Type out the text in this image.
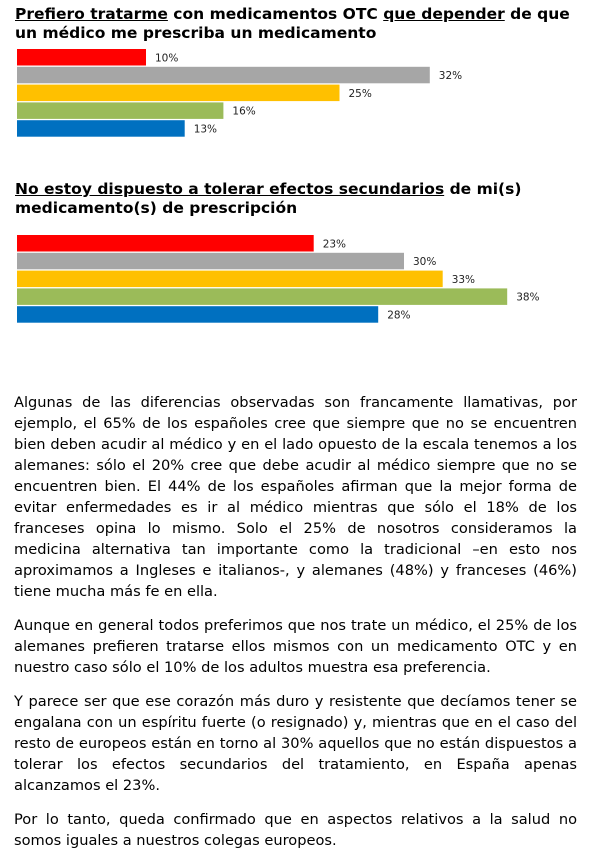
Prefiero tratarme con medicamentos OTC que depender de que un médico me prescriba un medicamento
10%
32%
25%
16%
13%
No estoy dispuesto a tolerar efectos secundarios de mi(s) medicamento(s) de prescripción
23%
30%
33%
38%
28%

Algunas de las diferencias observadas son francamente llamativas, por ejemplo, el 65% de los españoles cree que siempre que no se encuentren bien deben acudir al médico y en el lado opuesto de la escala tenemos a los alemanes: sólo el 20% cree que debe acudir al médico siempre que no se encuentren bien. El 44% de los españoles afirman que la mejor forma de evitar enfermedades es ir al médico mientras que sólo el 18% de los franceses opina lo mismo. Solo el 25% de nosotros consideramos la medicina alternativa tan importante como la tradicional –en esto nos aproximamos a Ingleses e italianos-, y alemanes (48%) y franceses (46%) tiene mucha más fe en ella.

Aunque en general todos preferimos que nos trate un médico, el 25% de los alemanes prefieren tratarse ellos mismos con un medicamento OTC y en nuestro caso sólo el 10% de los adultos muestra esa preferencia.

Y parece ser que ese corazón más duro y resistente que decíamos tener se engalana con un espíritu fuerte (o resignado) y, mientras que en el caso del resto de europeos están en torno al 30% aquellos que no están dispuestos a tolerar los efectos secundarios del tratamiento, en España apenas alcanzamos el 23%.

Por lo tanto, queda confirmado que en aspectos relativos a la salud no somos iguales a nuestros colegas europeos.
